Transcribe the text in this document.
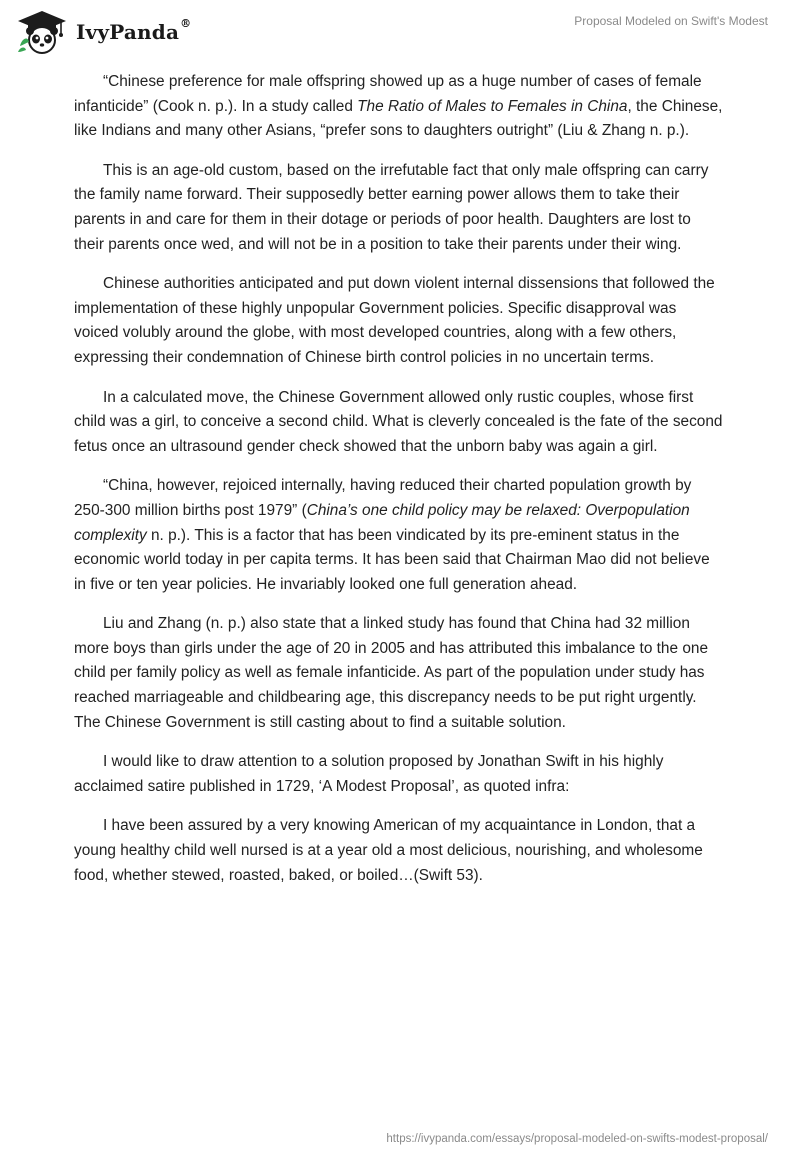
IvyPanda®	Proposal Modeled on Swift's Modest

“Chinese preference for male offspring showed up as a huge number of cases of female infanticide” (Cook n. p.). In a study called The Ratio of Males to Females in China, the Chinese, like Indians and many other Asians, “prefer sons to daughters outright” (Liu & Zhang n. p.).

This is an age-old custom, based on the irrefutable fact that only male offspring can carry the family name forward. Their supposedly better earning power allows them to take their parents in and care for them in their dotage or periods of poor health. Daughters are lost to their parents once wed, and will not be in a position to take their parents under their wing.

Chinese authorities anticipated and put down violent internal dissensions that followed the implementation of these highly unpopular Government policies. Specific disapproval was voiced volubly around the globe, with most developed countries, along with a few others, expressing their condemnation of Chinese birth control policies in no uncertain terms.

In a calculated move, the Chinese Government allowed only rustic couples, whose first child was a girl, to conceive a second child. What is cleverly concealed is the fate of the second fetus once an ultrasound gender check showed that the unborn baby was again a girl.

“China, however, rejoiced internally, having reduced their charted population growth by 250-300 million births post 1979” (China’s one child policy may be relaxed: Overpopulation complexity n. p.). This is a factor that has been vindicated by its pre-eminent status in the economic world today in per capita terms. It has been said that Chairman Mao did not believe in five or ten year policies. He invariably looked one full generation ahead.

Liu and Zhang (n. p.) also state that a linked study has found that China had 32 million more boys than girls under the age of 20 in 2005 and has attributed this imbalance to the one child per family policy as well as female infanticide. As part of the population under study has reached marriageable and childbearing age, this discrepancy needs to be put right urgently. The Chinese Government is still casting about to find a suitable solution.

I would like to draw attention to a solution proposed by Jonathan Swift in his highly acclaimed satire published in 1729, ‘A Modest Proposal’, as quoted infra:

I have been assured by a very knowing American of my acquaintance in London, that a young healthy child well nursed is at a year old a most delicious, nourishing, and wholesome food, whether stewed, roasted, baked, or boiled…(Swift 53).

https://ivypanda.com/essays/proposal-modeled-on-swifts-modest-proposal/
